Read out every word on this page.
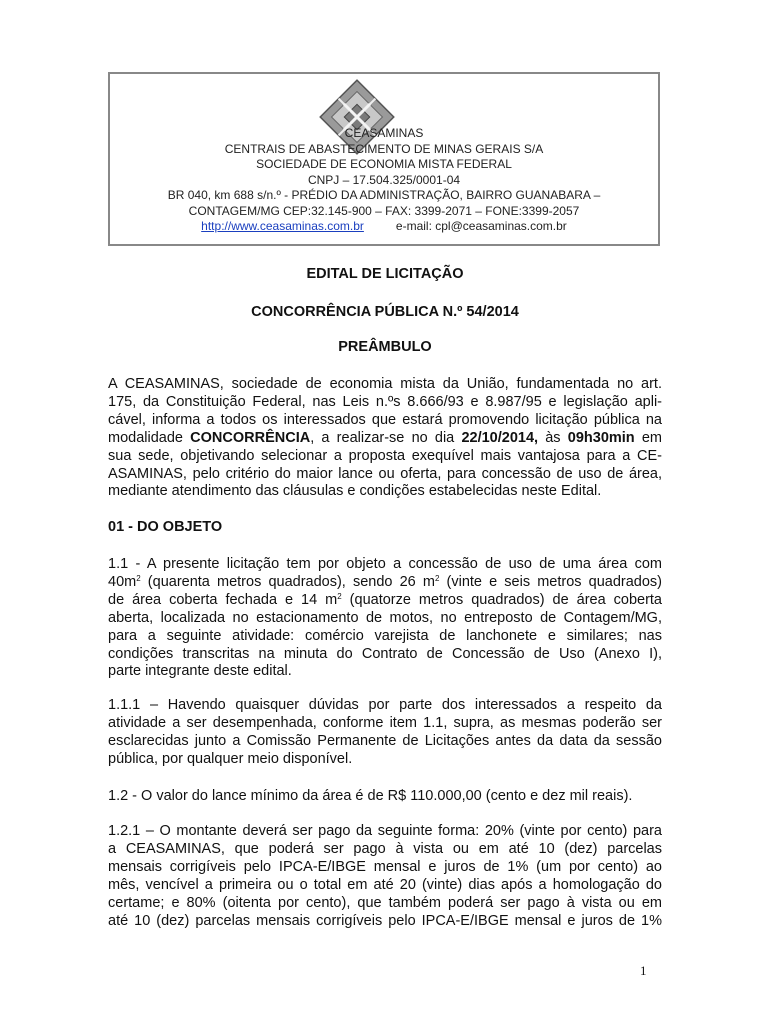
CEASAMINAS
CENTRAIS DE ABASTECIMENTO DE MINAS GERAIS S/A
SOCIEDADE DE ECONOMIA MISTA FEDERAL
CNPJ – 17.504.325/0001-04
BR 040, km 688 s/n.º - PRÉDIO DA ADMINISTRAÇÃO, BAIRRO GUANABARA –
CONTAGEM/MG CEP:32.145-900 – FAX: 3399-2071 – FONE:3399-2057
http://www.ceasaminas.com.br	e-mail: cpl@ceasaminas.com.br
EDITAL DE LICITAÇÃO
CONCORRÊNCIA PÚBLICA N.º 54/2014
PREÂMBULO
A CEASAMINAS, sociedade de economia mista da União, fundamentada no art.
175, da Constituição Federal, nas Leis n.ºs 8.666/93 e 8.987/95 e legislação apli-
cável, informa a todos os interessados que estará promovendo licitação pública na
modalidade CONCORRÊNCIA, a realizar-se no dia 22/10/2014, às 09h30min em
sua sede, objetivando selecionar a proposta exequível mais vantajosa para a CE-
ASAMINAS, pelo critério do maior lance ou oferta, para concessão de uso de área,
mediante atendimento das cláusulas e condições estabelecidas neste Edital.
01 - DO OBJETO
1.1 - A presente licitação tem por objeto a concessão de uso de uma área com
$40m^2$ (quarenta metros quadrados), sendo 26 $m^2$ (vinte e seis metros quadrados)
de área coberta fechada e 14 $m^2$ (quatorze metros quadrados) de área coberta
aberta, localizada no estacionamento de motos, no entreposto de Contagem/MG,
para a seguinte atividade: comércio varejista de lanchonete e similares; nas
condições transcritas na minuta do Contrato de Concessão de Uso (Anexo I),
parte integrante deste edital.
1.1.1 – Havendo quaisquer dúvidas por parte dos interessados a respeito da
atividade a ser desempenhada, conforme item 1.1, supra, as mesmas poderão ser
esclarecidas junto a Comissão Permanente de Licitações antes da data da sessão
pública, por qualquer meio disponível.
1.2 - O valor do lance mínimo da área é de R$ 110.000,00 (cento e dez mil reais).
1.2.1 – O montante deverá ser pago da seguinte forma: 20% (vinte por cento) para
a CEASAMINAS, que poderá ser pago à vista ou em até 10 (dez) parcelas
mensais corrigíveis pelo IPCA-E/IBGE mensal e juros de 1% (um por cento) ao
mês, vencível a primeira ou o total em até 20 (vinte) dias após a homologação do
certame; e 80% (oitenta por cento), que também poderá ser pago à vista ou em
até 10 (dez) parcelas mensais corrigíveis pelo IPCA-E/IBGE mensal e juros de 1%
1
